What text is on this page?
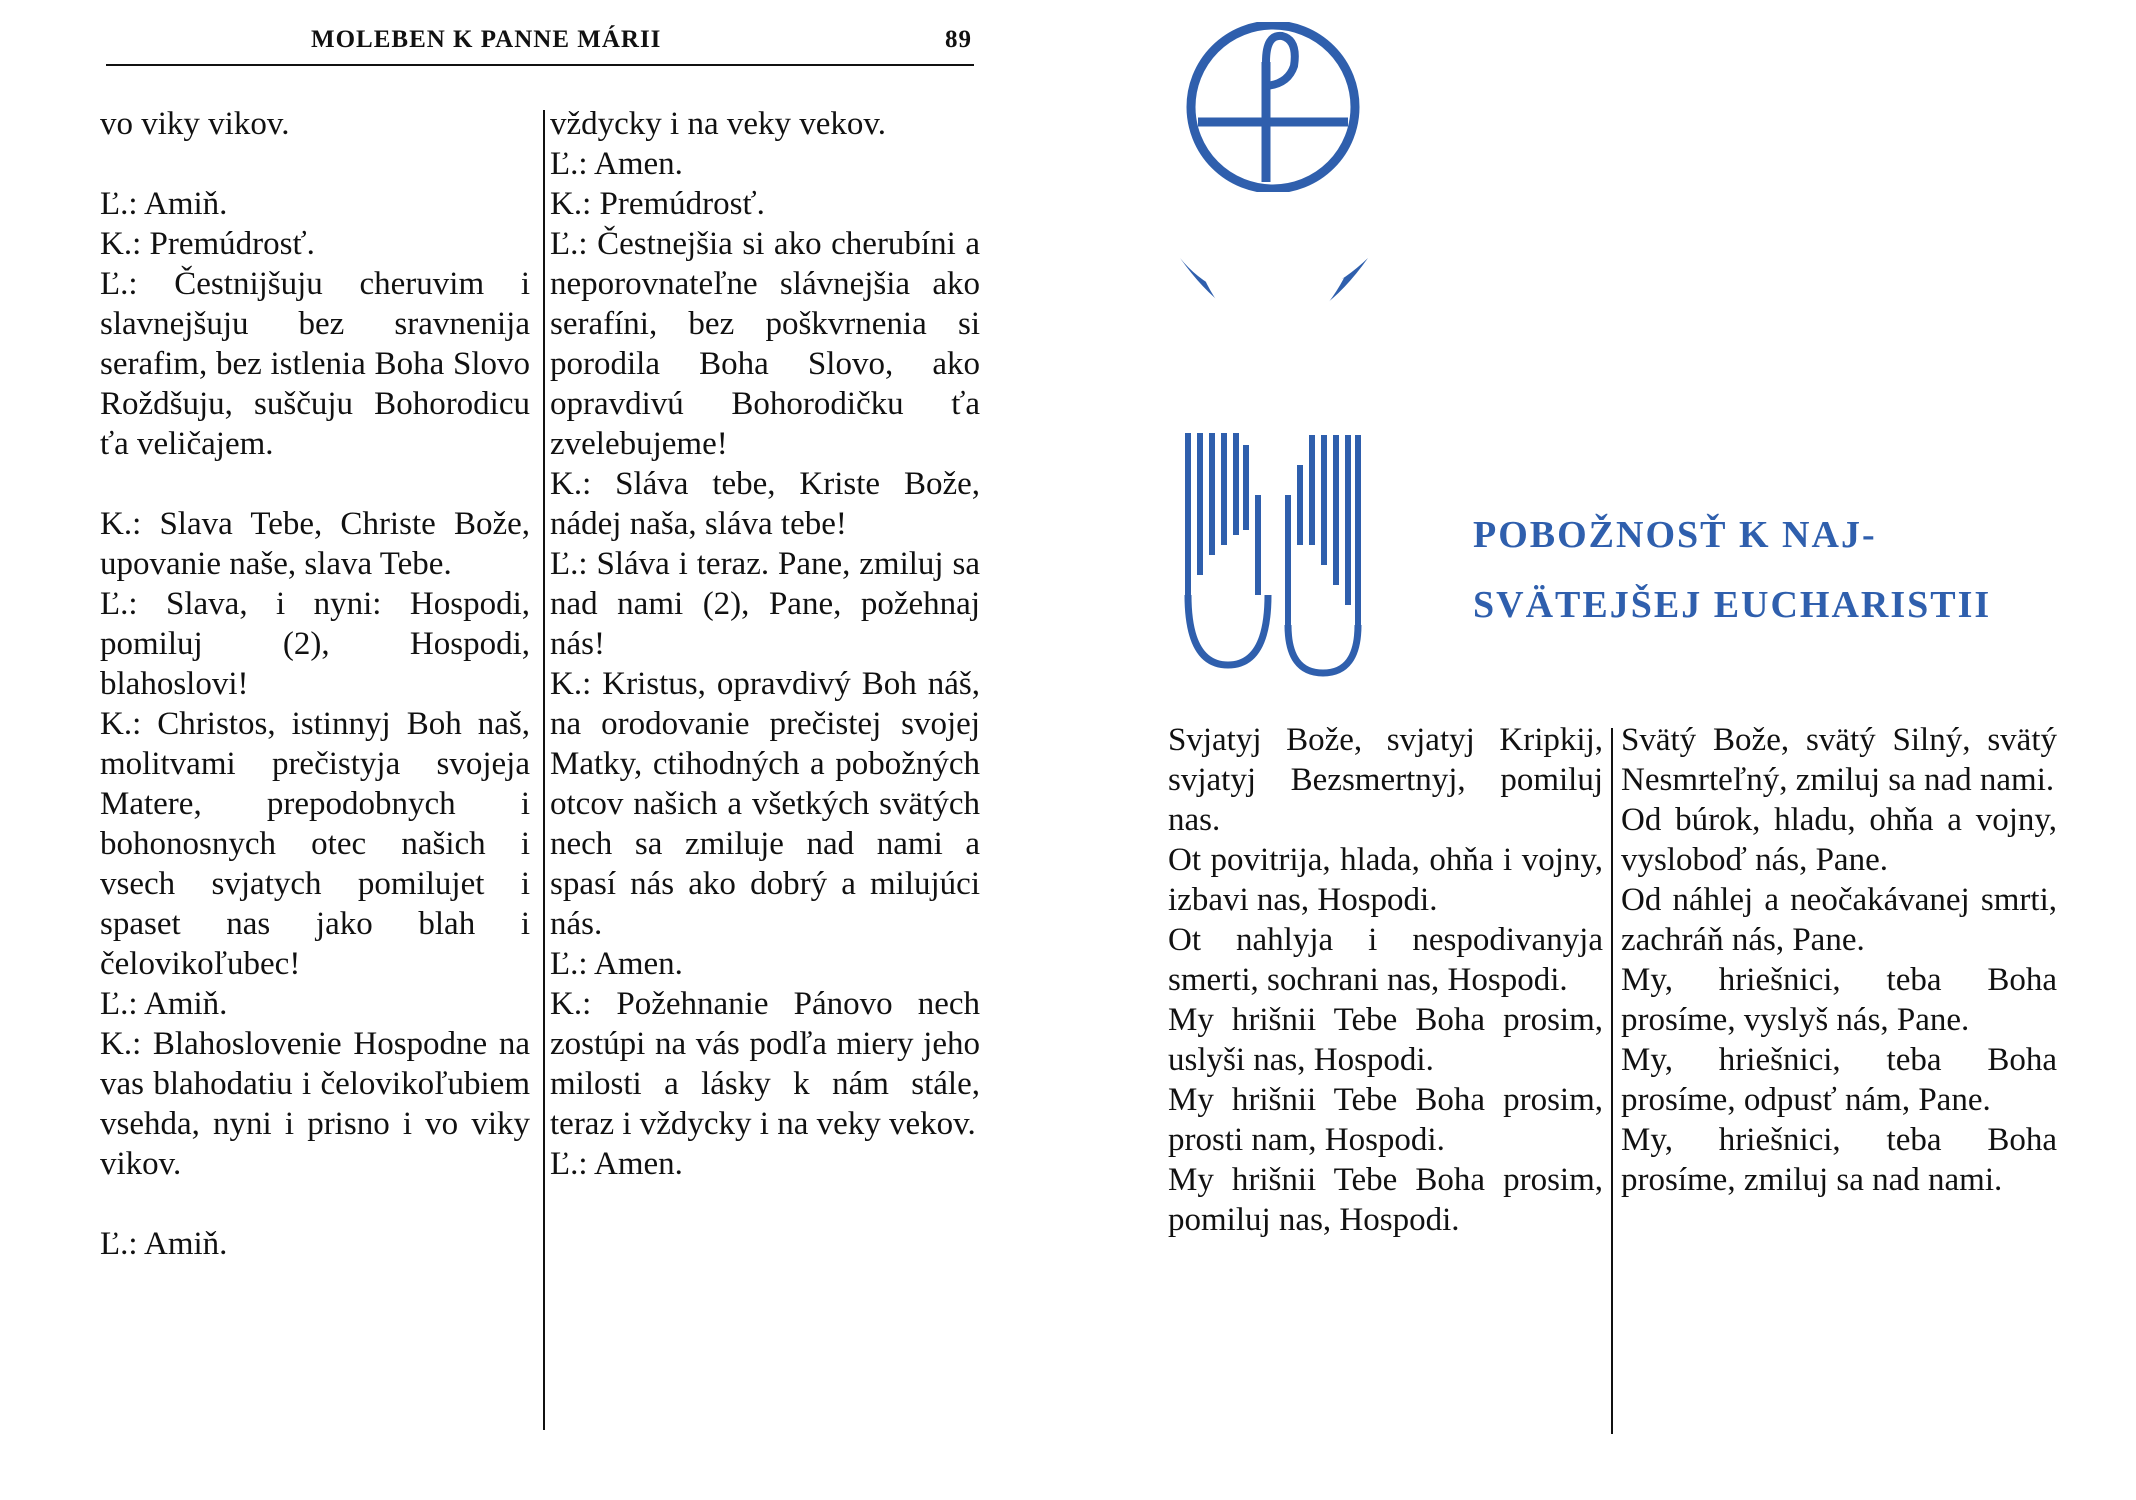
MOLEBEN K PANNE MÁRII	89

vo viky vikov.

Ľ.: Amiň.

K.: Premúdrosť.

Ľ.: Čestnijšuju cheruvim i slavnejšuju bez sravnenija serafim, bez istlenia Boha Slovo Roždšuju, suščuju Bohorodicu ťa veličajem.

K.: Slava Tebe, Christe Bože, upovanie naše, slava Tebe.

Ľ.: Slava, i nyni: Hospodi, pomiluj (2), Hospodi, blahoslovi!

K.: Christos, istinnyj Boh naš, molitvami prečistyja svojeja Matere, prepodobnych i bohonosnych otec našich i vsech svjatych pomilujet i spaset nas jako blah i čelovikoľubec!

Ľ.: Amiň.

K.: Blahoslovenie Hospodne na vas blahodatiu i čelovikoľubiem vsehda, nyni i prisno i vo viky vikov.

Ľ.: Amiň.

vždycky i na veky vekov.

Ľ.: Amen.

K.: Premúdrosť.

Ľ.: Čestnejšia si ako cherubíni a neporovnateľne slávnejšia ako serafíni, bez poškvrnenia si porodila Boha Slovo, ako opravdivú Bohorodičku ťa zvelebujeme!

K.: Sláva tebe, Kriste Bože, nádej naša, sláva tebe!

Ľ.: Sláva i teraz. Pane, zmiluj sa nad nami (2), Pane, požehnaj nás!

K.: Kristus, opravdivý Boh náš, na orodovanie prečistej svojej Matky, ctihodných a pobožných otcov našich a všetkých svätých nech sa zmiluje nad nami a spasí nás ako dobrý a milujúci nás.

Ľ.: Amen.

K.: Požehnanie Pánovo nech zostúpi na vás podľa miery jeho milosti a lásky k nám stále, teraz i vždycky i na veky vekov.

Ľ.: Amen.

POBOŽNOSŤ K NAJ-

SVÄTEJŠEJ EUCHARISTII

Svjatyj Bože, svjatyj Kripkij, svjatyj Bezsmertnyj, pomiluj nas.

Ot povitrija, hlada, ohňa i vojny, izbavi nas, Hospodi.

Ot nahlyja i nespodivanyja smerti, sochrani nas, Hospodi.

My hrišnii Tebe Boha prosim, uslyši nas, Hospodi.

My hrišnii Tebe Boha prosim, prosti nam, Hospodi.

My hrišnii Tebe Boha prosim, pomiluj nas, Hospodi.

Svätý Bože, svätý Silný, svätý Nesmrteľný, zmiluj sa nad nami.

Od búrok, hladu, ohňa a vojny, vysloboď nás, Pane.

Od náhlej a neočakávanej smrti, zachráň nás, Pane.

My, hriešnici, teba Boha prosíme, vyslyš nás, Pane.

My, hriešnici, teba Boha prosíme, odpusť nám, Pane.

My, hriešnici, teba Boha prosíme, zmiluj sa nad nami.
